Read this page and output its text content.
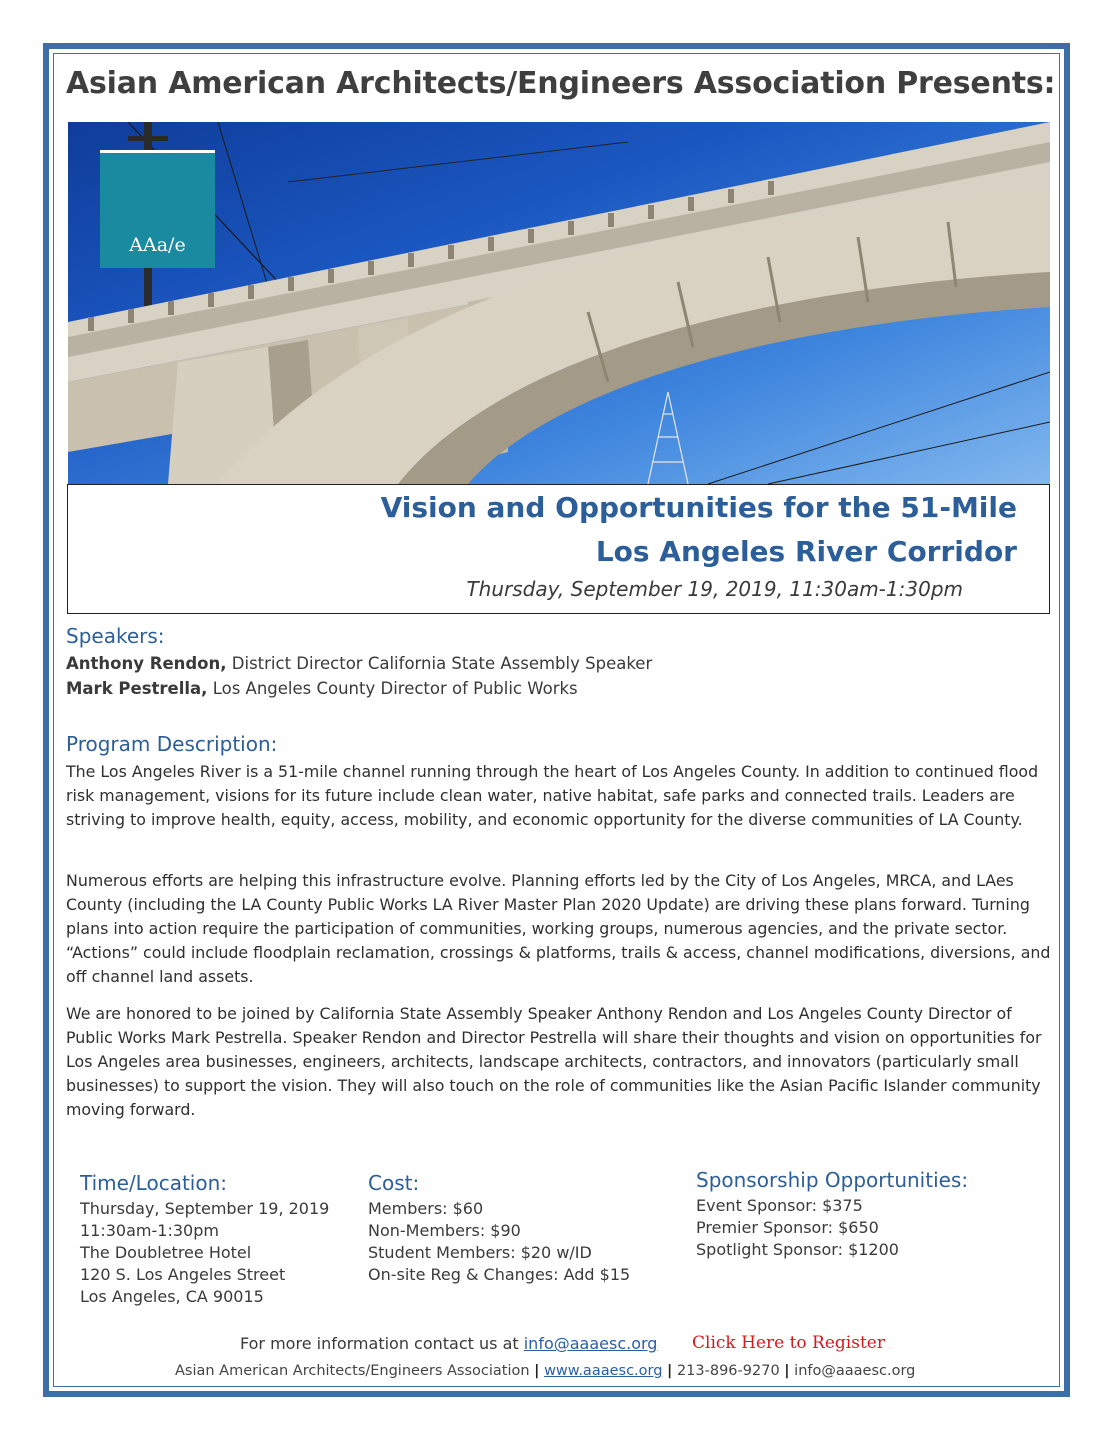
Asian American Architects/Engineers Association Presents:
AAa/e
Vision and Opportunities for the 51-Mile
Los Angeles River Corridor
Thursday, September 19, 2019, 11:30am-1:30pm
Speakers:
Anthony Rendon, District Director California State Assembly Speaker
Mark Pestrella, Los Angeles County Director of Public Works
Program Description:
The Los Angeles River is a 51-mile channel running through the heart of Los Angeles County. In addition to continued flood risk management, visions for its future include clean water, native habitat, safe parks and connected trails. Leaders are striving to improve health, equity, access, mobility, and economic opportunity for the diverse communities of LA County.
Numerous efforts are helping this infrastructure evolve. Planning efforts led by the City of Los Angeles, MRCA, and LAes County (including the LA County Public Works LA River Master Plan 2020 Update) are driving these plans forward. Turning plans into action require the participation of communities, working groups, numerous agencies, and the private sector. “Actions” could include floodplain reclamation, crossings & platforms, trails & access, channel modifications, diversions, and off channel land assets.
We are honored to be joined by California State Assembly Speaker Anthony Rendon and Los Angeles County Director of Public Works Mark Pestrella. Speaker Rendon and Director Pestrella will share their thoughts and vision on opportunities for Los Angeles area businesses, engineers, architects, landscape architects, contractors, and innovators (particularly small businesses) to support the vision. They will also touch on the role of communities like the Asian Pacific Islander community moving forward.
Time/Location:
Thursday, September 19, 2019
11:30am-1:30pm
The Doubletree Hotel
120 S. Los Angeles Street
Los Angeles, CA 90015
Cost:
Members: $60
Non-Members: $90
Student Members: $20 w/ID
On-site Reg & Changes: Add $15
Sponsorship Opportunities:
Event Sponsor: $375
Premier Sponsor: $650
Spotlight Sponsor: $1200
For more information contact us at info@aaaesc.org Click Here to Register
Asian American Architects/Engineers Association | www.aaaesc.org | 213-896-9270 | info@aaaesc.org
